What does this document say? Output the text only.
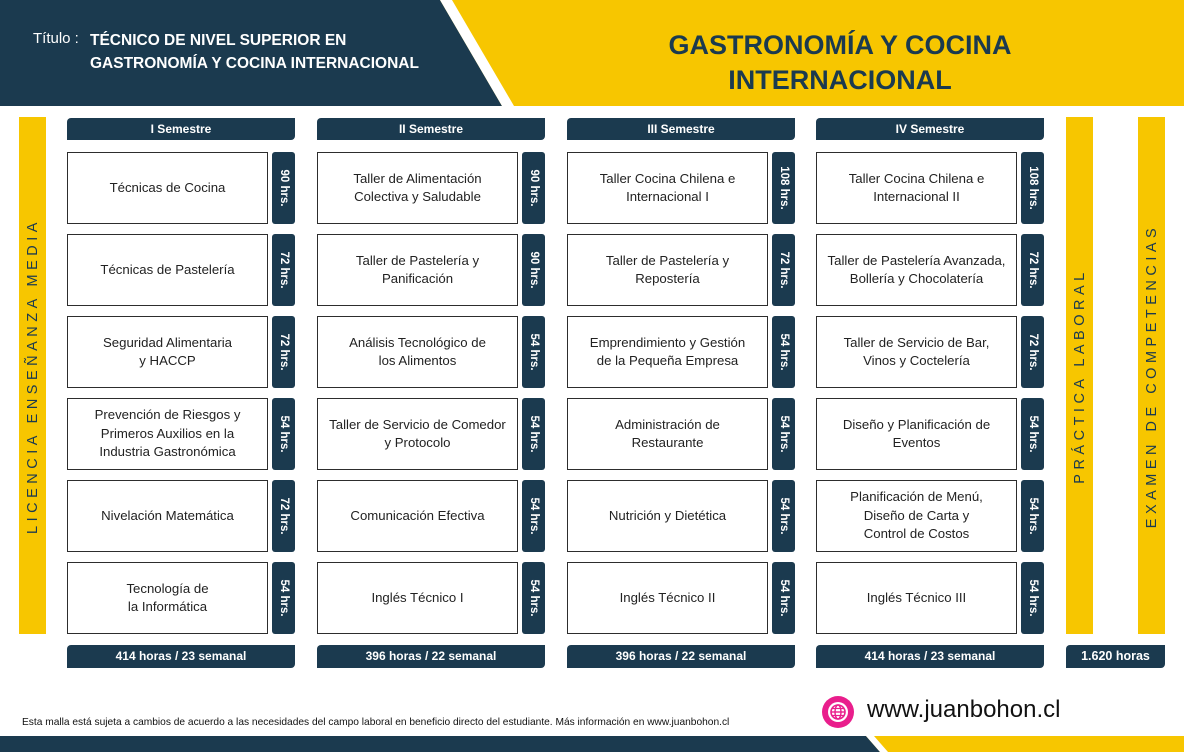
Título : TÉCNICO DE NIVEL SUPERIOR EN
GASTRONOMÍA Y COCINA INTERNACIONAL
GASTRONOMÍA Y COCINA
INTERNACIONAL
LICENCIA ENSEÑANZA MEDIA	PRÁCTICA LABORAL	EXAMEN DE COMPETENCIAS
I Semestre
Técnicas de Cocina	90 hrs.
Técnicas de Pastelería	72 hrs.
Seguridad Alimentaria
y HACCP	72 hrs.
Prevención de Riesgos y
Primeros Auxilios en la
Industria Gastronómica	54 hrs.
Nivelación Matemática	72 hrs.
Tecnología de
la Informática	54 hrs.
414 horas / 23 semanal
II Semestre
Taller de Alimentación
Colectiva y Saludable	90 hrs.
Taller de Pastelería y
Panificación	90 hrs.
Análisis Tecnológico de
los Alimentos	54 hrs.
Taller de Servicio de Comedor
y Protocolo	54 hrs.
Comunicación Efectiva	54 hrs.
Inglés Técnico I	54 hrs.
396 horas / 22 semanal
III Semestre
Taller Cocina Chilena e
Internacional I	108 hrs.
Taller de Pastelería y
Repostería	72 hrs.
Emprendimiento y Gestión
de la Pequeña Empresa	54 hrs.
Administración de
Restaurante	54 hrs.
Nutrición y Dietética	54 hrs.
Inglés Técnico II	54 hrs.
396 horas / 22 semanal
IV Semestre
Taller Cocina Chilena e
Internacional II	108 hrs.
Taller de Pastelería Avanzada,
Bollería y Chocolatería	72 hrs.
Taller de Servicio de Bar,
Vinos y Coctelería	72 hrs.
Diseño y Planificación de
Eventos	54 hrs.
Planificación de Menú,
Diseño de Carta y
Control de Costos	54 hrs.
Inglés Técnico III	54 hrs.
414 horas / 23 semanal	1.620 horas
Esta malla está sujeta a cambios de acuerdo a las necesidades del campo laboral en beneficio directo del estudiante. Más información en www.juanbohon.cl	www.juanbohon.cl
